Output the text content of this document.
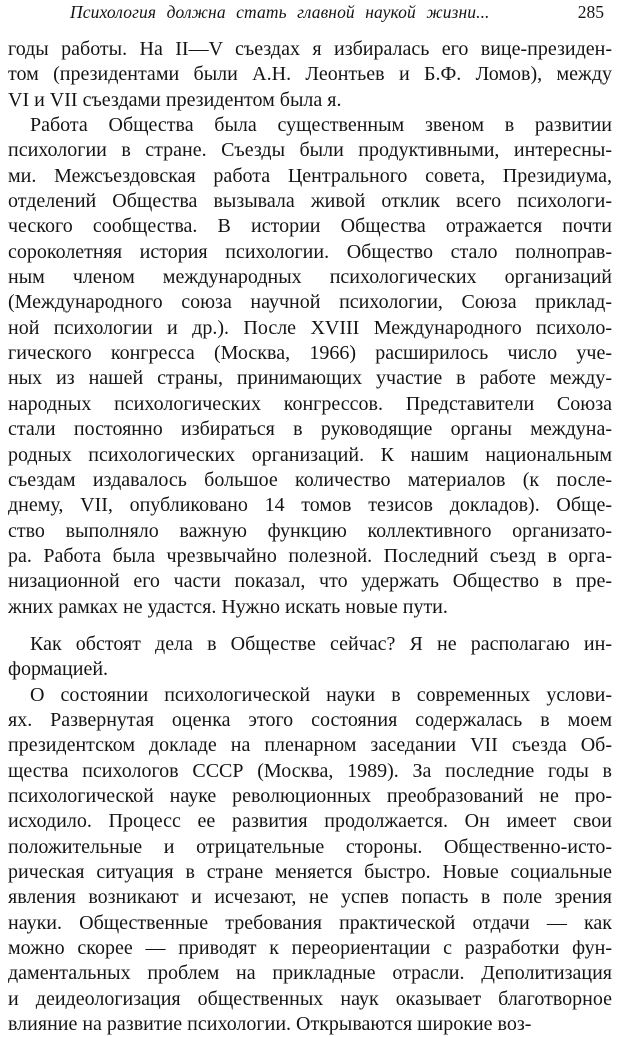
Психология должна стать главной наукой жизни...	285
годы работы. На II—V съездах я избиралась его вице-президен-
том (президентами были А.Н. Леонтьев и Б.Ф. Ломов), между
VI и VII съездами президентом была я.
Работа Общества была существенным звеном в развитии
психологии в стране. Съезды были продуктивными, интересны-
ми. Межсъездовская работа Центрального совета, Президиума,
отделений Общества вызывала живой отклик всего психологи-
ческого сообщества. В истории Общества отражается почти
сороколетняя история психологии. Общество стало полноправ-
ным членом международных психологических организаций
(Международного союза научной психологии, Союза приклад-
ной психологии и др.). После XVIII Международного психоло-
гического конгресса (Москва, 1966) расширилось число уче-
ных из нашей страны, принимающих участие в работе между-
народных психологических конгрессов. Представители Союза
стали постоянно избираться в руководящие органы междуна-
родных психологических организаций. К нашим национальным
съездам издавалось большое количество материалов (к после-
днему, VII, опубликовано 14 томов тезисов докладов). Обще-
ство выполняло важную функцию коллективного организато-
ра. Работа была чрезвычайно полезной. Последний съезд в орга-
низационной его части показал, что удержать Общество в пре-
жних рамках не удастся. Нужно искать новые пути.
Как обстоят дела в Обществе сейчас? Я не располагаю ин-
формацией.
О состоянии психологической науки в современных услови-
ях. Развернутая оценка этого состояния содержалась в моем
президентском докладе на пленарном заседании VII съезда Об-
щества психологов СССР (Москва, 1989). За последние годы в
психологической науке революционных преобразований не про-
исходило. Процесс ее развития продолжается. Он имеет свои
положительные и отрицательные стороны. Общественно-исто-
рическая ситуация в стране меняется быстро. Новые социальные
явления возникают и исчезают, не успев попасть в поле зрения
науки. Общественные требования практической отдачи — как
можно скорее — приводят к переориентации с разработки фун-
даментальных проблем на прикладные отрасли. Деполитизация
и деидеологизация общественных наук оказывает благотворное
влияние на развитие психологии. Открываются широкие воз-
